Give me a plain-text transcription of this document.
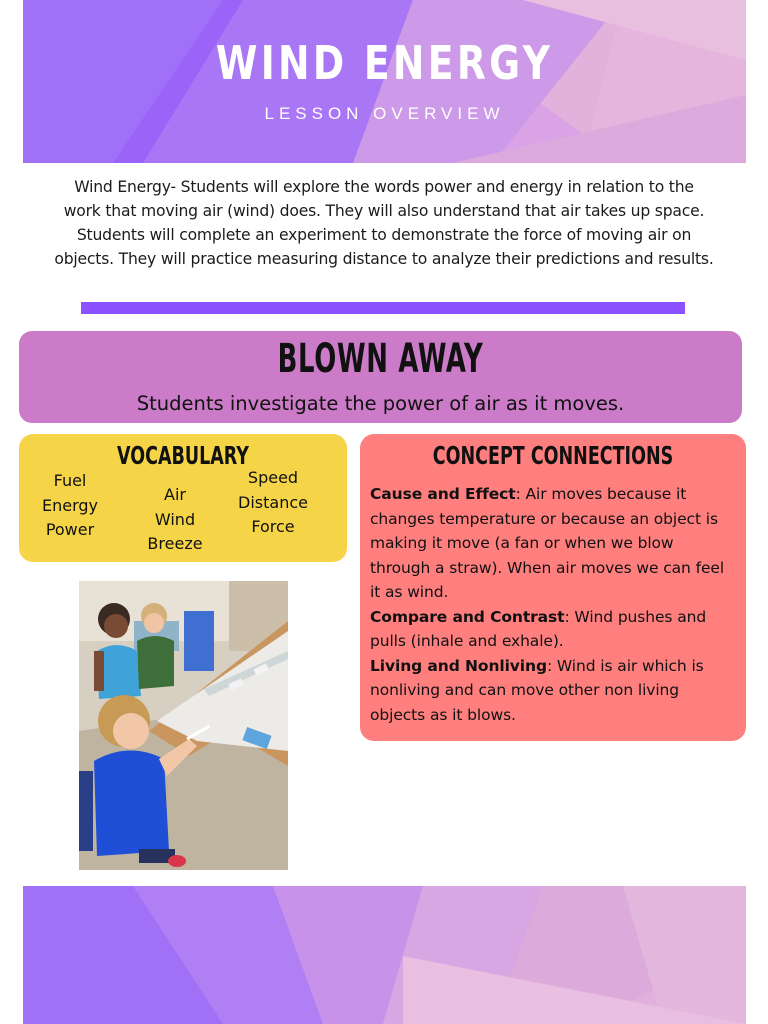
WIND ENERGY
LESSON OVERVIEW
Wind Energy- Students will explore the words power and energy in relation to the
work that moving air (wind) does. They will also understand that air takes up space.
Students will complete an experiment to demonstrate the force of moving air on
objects. They will practice measuring distance to analyze their predictions and results.
BLOWN AWAY
Students investigate the power of air as it moves.
VOCABULARY
Fuel
Energy
Power
Air
Wind
Breeze
Speed
Distance
Force
CONCEPT CONNECTIONS
Cause and Effect: Air moves because it changes temperature or because an object is making it move (a fan or when we blow through a straw). When air moves we can feel it as wind.
Compare and Contrast: Wind pushes and pulls (inhale and exhale).
Living and Nonliving: Wind is air which is nonliving and can move other non living objects as it blows.
